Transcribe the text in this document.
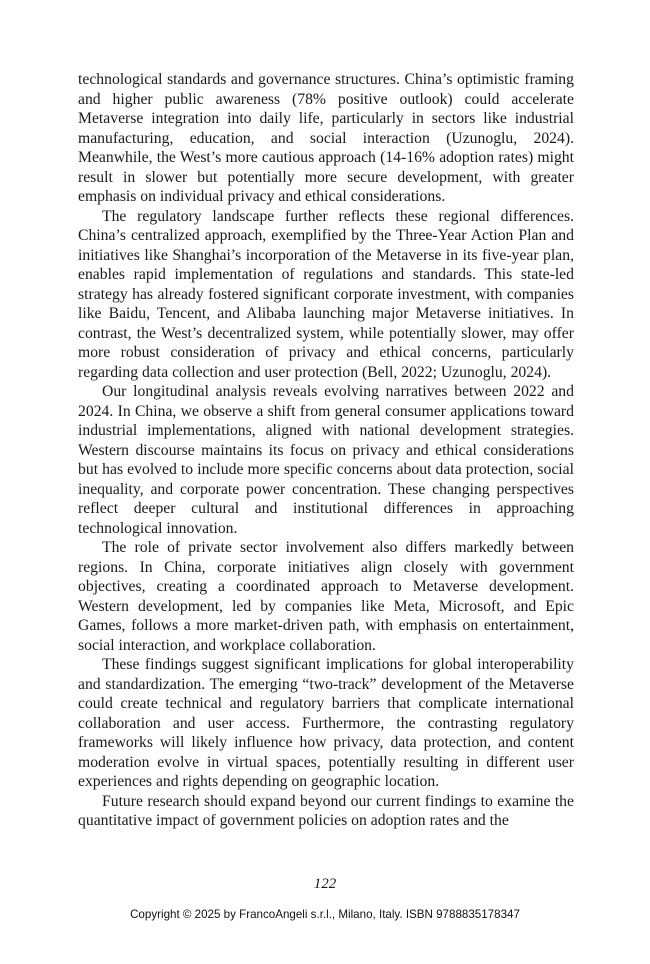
technological standards and governance structures. China’s optimistic framing and higher public awareness (78% positive outlook) could accelerate Metaverse integration into daily life, particularly in sectors like industrial manufacturing, education, and social interaction (Uzunoglu, 2024). Meanwhile, the West’s more cautious approach (14-16% adoption rates) might result in slower but potentially more secure development, with greater emphasis on individual privacy and ethical considerations.

The regulatory landscape further reflects these regional differences. China’s centralized approach, exemplified by the Three-Year Action Plan and initiatives like Shanghai’s incorporation of the Metaverse in its five-year plan, enables rapid implementation of regulations and standards. This state-led strategy has already fostered significant corporate investment, with companies like Baidu, Tencent, and Alibaba launching major Metaverse initiatives. In contrast, the West’s decentralized system, while potentially slower, may offer more robust consideration of privacy and ethical concerns, particularly regarding data collection and user protection (Bell, 2022; Uzunoglu, 2024).

Our longitudinal analysis reveals evolving narratives between 2022 and 2024. In China, we observe a shift from general consumer applications toward industrial implementations, aligned with national development strategies. Western discourse maintains its focus on privacy and ethical considerations but has evolved to include more specific concerns about data protection, social inequality, and corporate power concentration. These changing perspectives reflect deeper cultural and institutional differences in approaching technological innovation.

The role of private sector involvement also differs markedly between regions. In China, corporate initiatives align closely with government objectives, creating a coordinated approach to Metaverse development. Western development, led by companies like Meta, Microsoft, and Epic Games, follows a more market-driven path, with emphasis on entertainment, social interaction, and workplace collaboration.

These findings suggest significant implications for global interoperability and standardization. The emerging “two-track” development of the Metaverse could create technical and regulatory barriers that complicate international collaboration and user access. Furthermore, the contrasting regulatory frameworks will likely influence how privacy, data protection, and content moderation evolve in virtual spaces, potentially resulting in different user experiences and rights depending on geographic location.

Future research should expand beyond our current findings to examine the quantitative impact of government policies on adoption rates and the

122
Copyright © 2025 by FrancoAngeli s.r.l., Milano, Italy. ISBN 9788835178347
